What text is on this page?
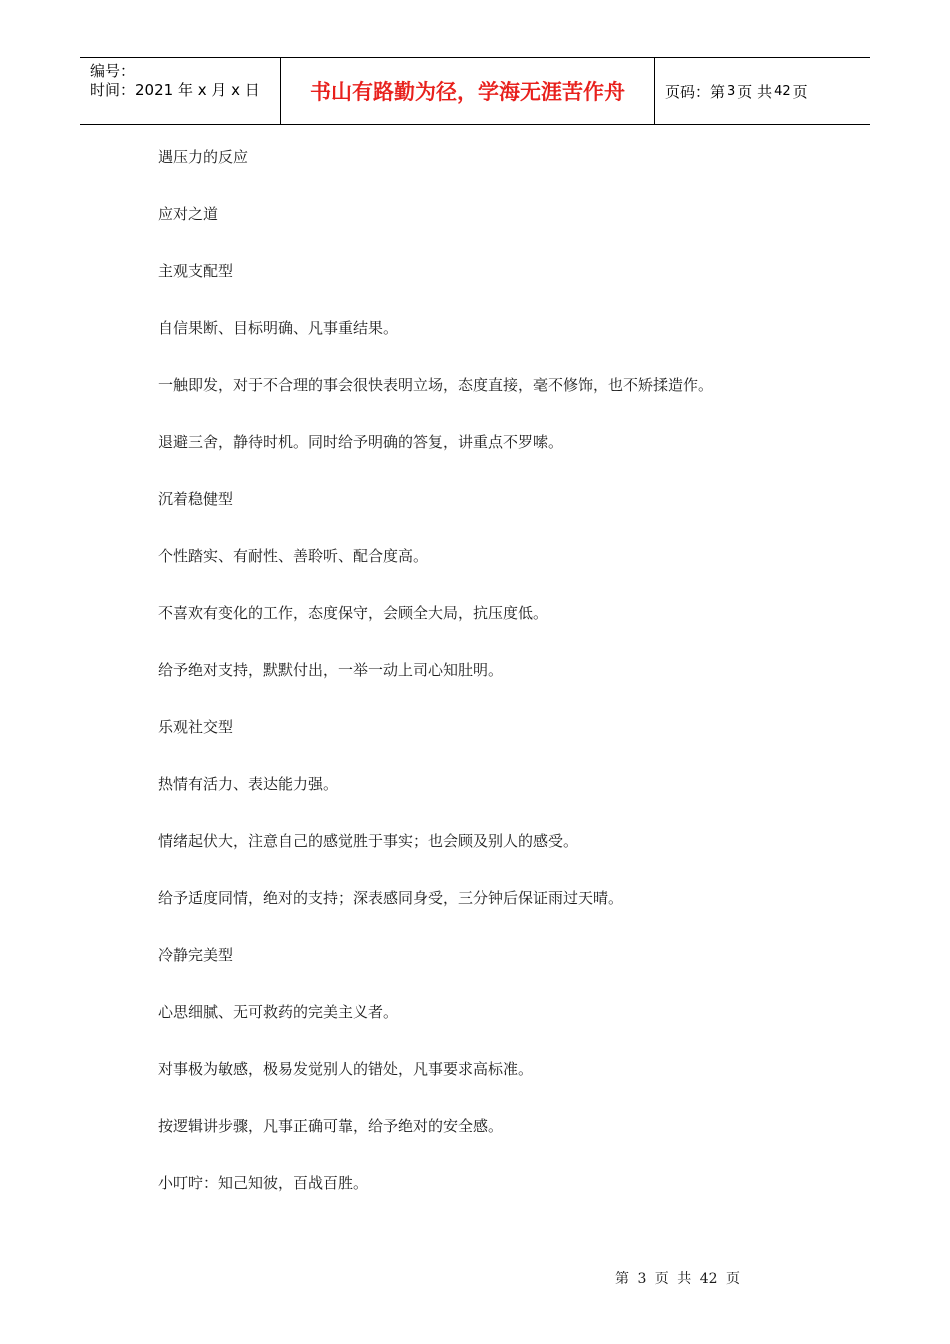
编号：
时间：2021 年 x 月 x 日	书山有路勤为径，学海无涯苦作舟	页码：第 3 页 共 42 页
遇压力的反应
应对之道
主观支配型
自信果断、目标明确、凡事重结果。
一触即发，对于不合理的事会很快表明立场，态度直接，毫不修饰，也不矫揉造作。
退避三舍，静待时机。同时给予明确的答复，讲重点不罗嗦。
沉着稳健型
个性踏实、有耐性、善聆听、配合度高。
不喜欢有变化的工作，态度保守，会顾全大局，抗压度低。
给予绝对支持，默默付出，一举一动上司心知肚明。
乐观社交型
热情有活力、表达能力强。
情绪起伏大，注意自己的感觉胜于事实；也会顾及别人的感受。
给予适度同情，绝对的支持；深表感同身受，三分钟后保证雨过天晴。
冷静完美型
心思细腻、无可救药的完美主义者。
对事极为敏感，极易发觉别人的错处，凡事要求高标准。
按逻辑讲步骤，凡事正确可靠，给予绝对的安全感。
小叮咛：知己知彼，百战百胜。
第 3 页 共 42 页
